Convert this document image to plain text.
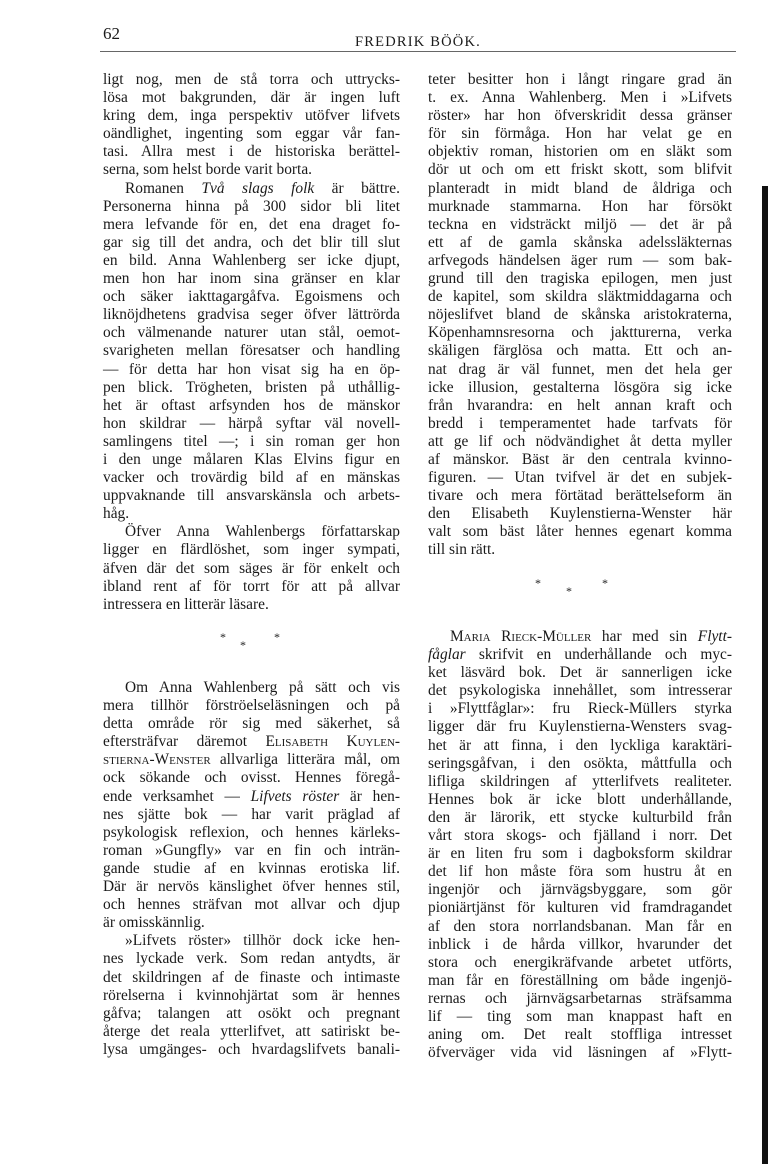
62	FREDRIK BÖÖK.
ligt nog, men de stå torra och uttrycks-
lösa mot bakgrunden, där är ingen luft
kring dem, inga perspektiv utöfver lifvets
oändlighet, ingenting som eggar vår fan-
tasi. Allra mest i de historiska berättel-
serna, som helst borde varit borta.
Romanen Två slags folk är bättre.
Personerna hinna på 300 sidor bli litet
mera lefvande för en, det ena draget fo-
gar sig till det andra, och det blir till slut
en bild. Anna Wahlenberg ser icke djupt,
men hon har inom sina gränser en klar
och säker iakttagargåfva. Egoismens och
liknöjdhetens gradvisa seger öfver lättrörda
och välmenande naturer utan stål, oemot-
svarigheten mellan föresatser och handling
— för detta har hon visat sig ha en öp-
pen blick. Trögheten, bristen på uthållig-
het är oftast arfsynden hos de mänskor
hon skildrar — härpå syftar väl novell-
samlingens titel —; i sin roman ger hon
i den unge målaren Klas Elvins figur en
vacker och trovärdig bild af en mänskas
uppvaknande till ansvarskänsla och arbets-
håg.
Öfver Anna Wahlenbergs författarskap
ligger en flärdlöshet, som inger sympati,
äfven där det som säges är för enkelt och
ibland rent af för torrt för att på allvar
intressera en litterär läsare.
*
*
*
Om Anna Wahlenberg på sätt och vis
mera tillhör förströelseläsningen och på
detta område rör sig med säkerhet, så
eftersträfvar däremot Elisabeth Kuylen-
stierna-Wenster allvarliga litterära mål, om
ock sökande och ovisst. Hennes föregå-
ende verksamhet — Lifvets röster är hen-
nes sjätte bok — har varit präglad af
psykologisk reflexion, och hennes kärleks-
roman »Gungfly» var en fin och inträn-
gande studie af en kvinnas erotiska lif.
Där är nervös känslighet öfver hennes stil,
och hennes sträfvan mot allvar och djup
är omisskännlig.
»Lifvets röster» tillhör dock icke hen-
nes lyckade verk. Som redan antydts, är
det skildringen af de finaste och intimaste
rörelserna i kvinnohjärtat som är hennes
gåfva; talangen att osökt och pregnant
återge det reala ytterlifvet, att satiriskt be-
lysa umgänges- och hvardagslifvets banali-
teter besitter hon i långt ringare grad än
t. ex. Anna Wahlenberg. Men i »Lifvets
röster» har hon öfverskridit dessa gränser
för sin förmåga. Hon har velat ge en
objektiv roman, historien om en släkt som
dör ut och om ett friskt skott, som blifvit
planteradt in midt bland de åldriga och
murknade stammarna. Hon har försökt
teckna en vidsträckt miljö — det är på
ett af de gamla skånska adelssläkternas
arfvegods händelsen äger rum — som bak-
grund till den tragiska epilogen, men just
de kapitel, som skildra släktmiddagarna och
nöjeslifvet bland de skånska aristokraterna,
Köpenhamnsresorna och jaktturerna, verka
skäligen färglösa och matta. Ett och an-
nat drag är väl funnet, men det hela ger
icke illusion, gestalterna lösgöra sig icke
från hvarandra: en helt annan kraft och
bredd i temperamentet hade tarfvats för
att ge lif och nödvändighet åt detta myller
af mänskor. Bäst är den centrala kvinno-
figuren. — Utan tvifvel är det en subjek-
tivare och mera förtätad berättelseform än
den Elisabeth Kuylenstierna-Wenster här
valt som bäst låter hennes egenart komma
till sin rätt.
*
*
*
Maria Rieck-Müller har med sin Flytt-
fåglar skrifvit en underhållande och myc-
ket läsvärd bok. Det är sannerligen icke
det psykologiska innehållet, som intresserar
i »Flyttfåglar»: fru Rieck-Müllers styrka
ligger där fru Kuylenstierna-Wensters svag-
het är att finna, i den lyckliga karaktäri-
seringsgåfvan, i den osökta, måttfulla och
lifliga skildringen af ytterlifvets realiteter.
Hennes bok är icke blott underhållande,
den är lärorik, ett stycke kulturbild från
vårt stora skogs- och fjälland i norr. Det
är en liten fru som i dagboksform skildrar
det lif hon måste föra som hustru åt en
ingenjör och järnvägsbyggare, som gör
pioniärtjänst för kulturen vid framdragandet
af den stora norrlandsbanan. Man får en
inblick i de hårda villkor, hvarunder det
stora och energikräfvande arbetet utförts,
man får en föreställning om både ingenjö-
rernas och järnvägsarbetarnas sträfsamma
lif — ting som man knappast haft en
aning om. Det realt stoffliga intresset
öfverväger vida vid läsningen af »Flytt-
